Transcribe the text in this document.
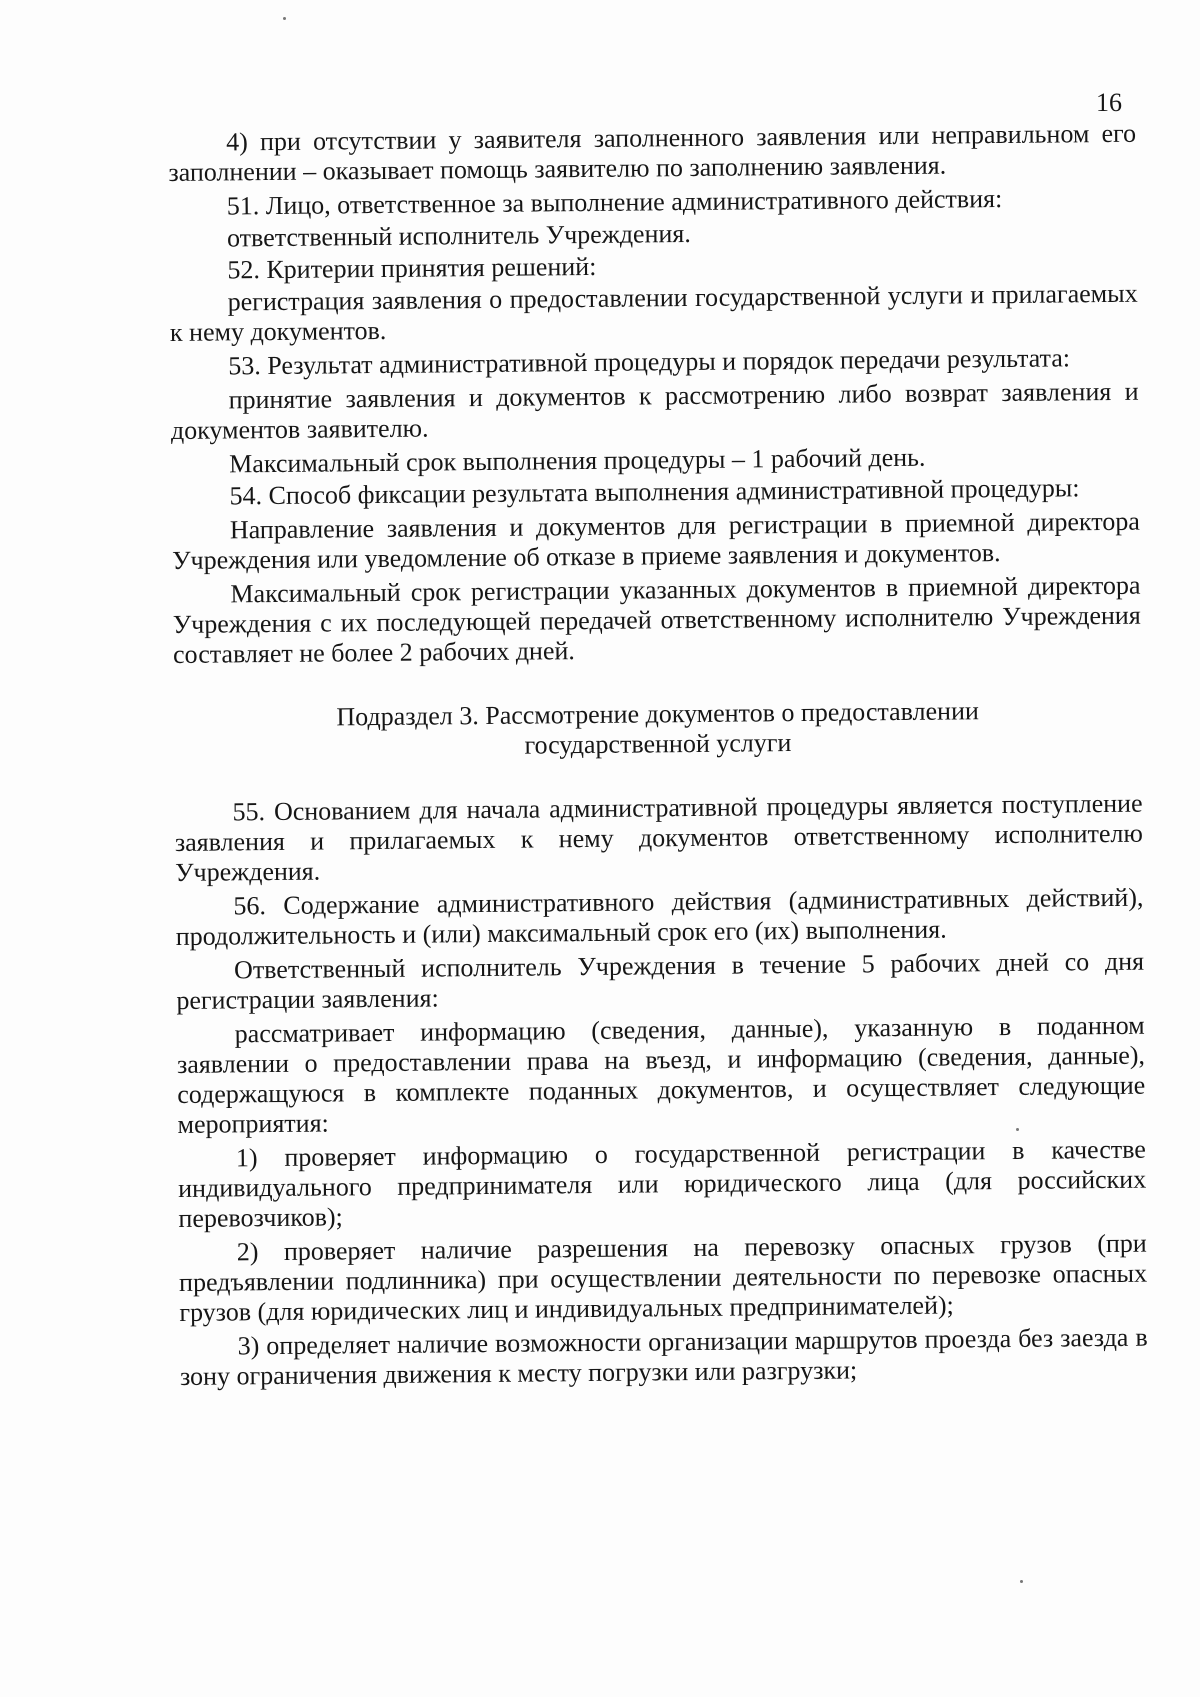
16

4) при отсутствии у заявителя заполненного заявления или неправильном его заполнении – оказывает помощь заявителю по заполнению заявления.

51. Лицо, ответственное за выполнение административного действия:

ответственный исполнитель Учреждения.

52. Критерии принятия решений:

регистрация заявления о предоставлении государственной услуги и прилагаемых к нему документов.

53. Результат административной процедуры и порядок передачи результата:

принятие заявления и документов к рассмотрению либо возврат заявления и документов заявителю.

Максимальный срок выполнения процедуры – 1 рабочий день.

54. Способ фиксации результата выполнения административной процедуры:

Направление заявления и документов для регистрации в приемной директора Учреждения или уведомление об отказе в приеме заявления и документов.

Максимальный срок регистрации указанных документов в приемной директора Учреждения с их последующей передачей ответственному исполнителю Учреждения составляет не более 2 рабочих дней.

Подраздел 3. Рассмотрение документов о предоставлении
государственной услуги

55. Основанием для начала административной процедуры является поступление заявления и прилагаемых к нему документов ответственному исполнителю Учреждения.

56. Содержание административного действия (административных действий), продолжительность и (или) максимальный срок его (их) выполнения.

Ответственный исполнитель Учреждения в течение 5 рабочих дней со дня регистрации заявления:

рассматривает информацию (сведения, данные), указанную в поданном заявлении о предоставлении права на въезд, и информацию (сведения, данные), содержащуюся в комплекте поданных документов, и осуществляет следующие мероприятия:

1) проверяет информацию о государственной регистрации в качестве индивидуального предпринимателя или юридического лица (для российских перевозчиков);

2) проверяет наличие разрешения на перевозку опасных грузов (при предъявлении подлинника) при осуществлении деятельности по перевозке опасных грузов (для юридических лиц и индивидуальных предпринимателей);

3) определяет наличие возможности организации маршрутов проезда без заезда в зону ограничения движения к месту погрузки или разгрузки;
